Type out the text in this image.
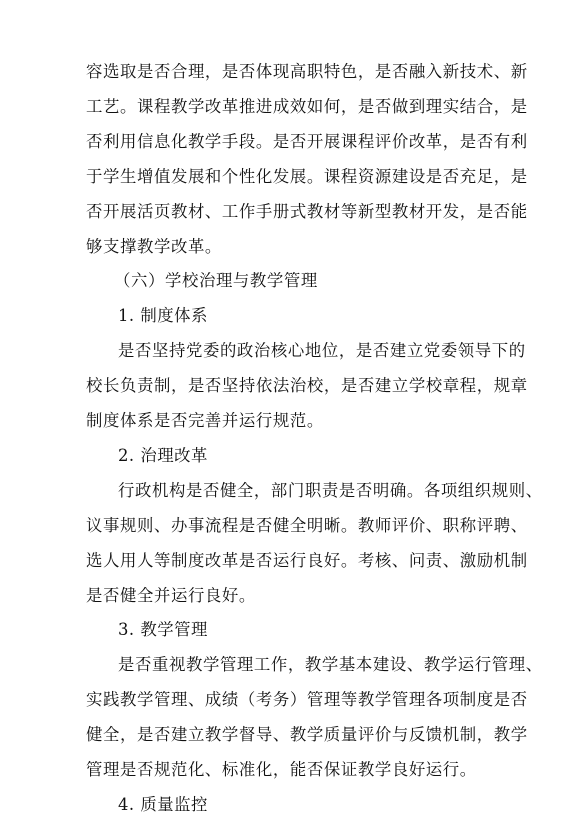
容选取是否合理，是否体现高职特色，是否融入新技术、新
工艺。课程教学改革推进成效如何，是否做到理实结合，是
否利用信息化教学手段。是否开展课程评价改革，是否有利
于学生增值发展和个性化发展。课程资源建设是否充足，是
否开展活页教材、工作手册式教材等新型教材开发，是否能
够支撑教学改革。
（六）学校治理与教学管理
1. 制度体系
是否坚持党委的政治核心地位，是否建立党委领导下的
校长负责制，是否坚持依法治校，是否建立学校章程，规章
制度体系是否完善并运行规范。
2. 治理改革
行政机构是否健全，部门职责是否明确。各项组织规则、
议事规则、办事流程是否健全明晰。教师评价、职称评聘、
选人用人等制度改革是否运行良好。考核、问责、激励机制
是否健全并运行良好。
3. 教学管理
是否重视教学管理工作，教学基本建设、教学运行管理、
实践教学管理、成绩（考务）管理等教学管理各项制度是否
健全，是否建立教学督导、教学质量评价与反馈机制，教学
管理是否规范化、标准化，能否保证教学良好运行。
4. 质量监控
